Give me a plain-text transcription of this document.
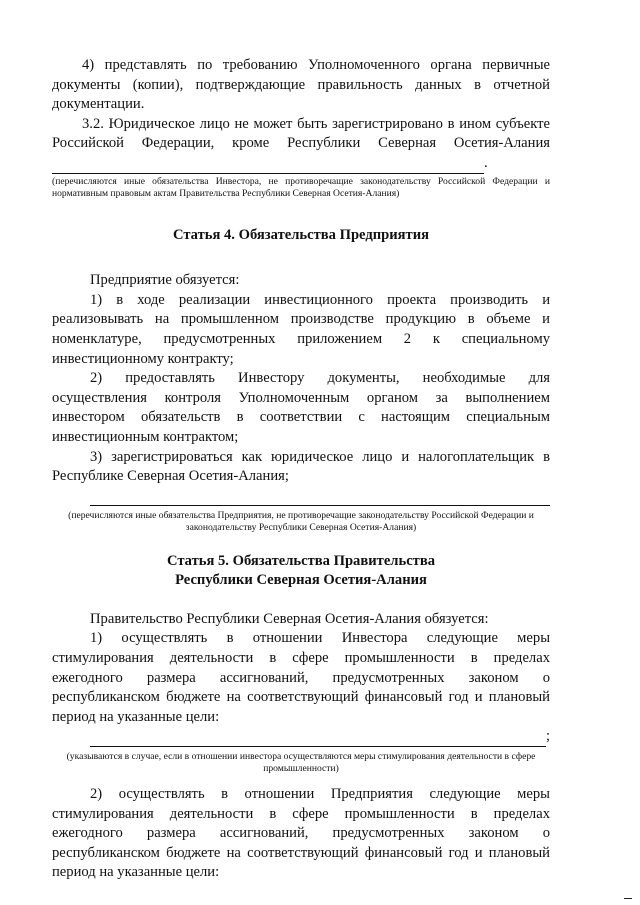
4) представлять по требованию Уполномоченного органа первичные документы (копии), подтверждающие правильность данных в отчетной документации.

3.2. Юридическое лицо не может быть зарегистрировано в ином субъекте Российской Федерации, кроме Республики Северная Осетия-Алания.

(перечисляются иные обязательства Инвестора, не противоречащие законодательству Российской Федерации и нормативным правовым актам Правительства Республики Северная Осетия-Алания)

Статья 4. Обязательства Предприятия

Предприятие обязуется:

1) в ходе реализации инвестиционного проекта производить и реализовывать на промышленном производстве продукцию в объеме и номенклатуре, предусмотренных приложением 2 к специальному инвестиционному контракту;

2) предоставлять Инвестору документы, необходимые для осуществления контроля Уполномоченным органом за выполнением инвестором обязательств в соответствии с настоящим специальным инвестиционным контрактом;

3) зарегистрироваться как юридическое лицо и налогоплательщик в Республике Северная Осетия-Алания;

(перечисляются иные обязательства Предприятия, не противоречащие законодательству Российской Федерации и законодательству Республики Северная Осетия-Алания)

Статья 5. Обязательства Правительства

Республики Северная Осетия-Алания

Правительство Республики Северная Осетия-Алания обязуется:

1) осуществлять в отношении Инвестора следующие меры стимулирования деятельности в сфере промышленности в пределах ежегодного размера ассигнований, предусмотренных законом о республиканском бюджете на соответствующий финансовый год и плановый период на указанные цели:

;

(указываются в случае, если в отношении инвестора осуществляются меры стимулирования деятельности в сфере промышленности)

2) осуществлять в отношении Предприятия следующие меры стимулирования деятельности в сфере промышленности в пределах ежегодного размера ассигнований, предусмотренных законом о республиканском бюджете на соответствующий финансовый год и плановый период на указанные цели:
